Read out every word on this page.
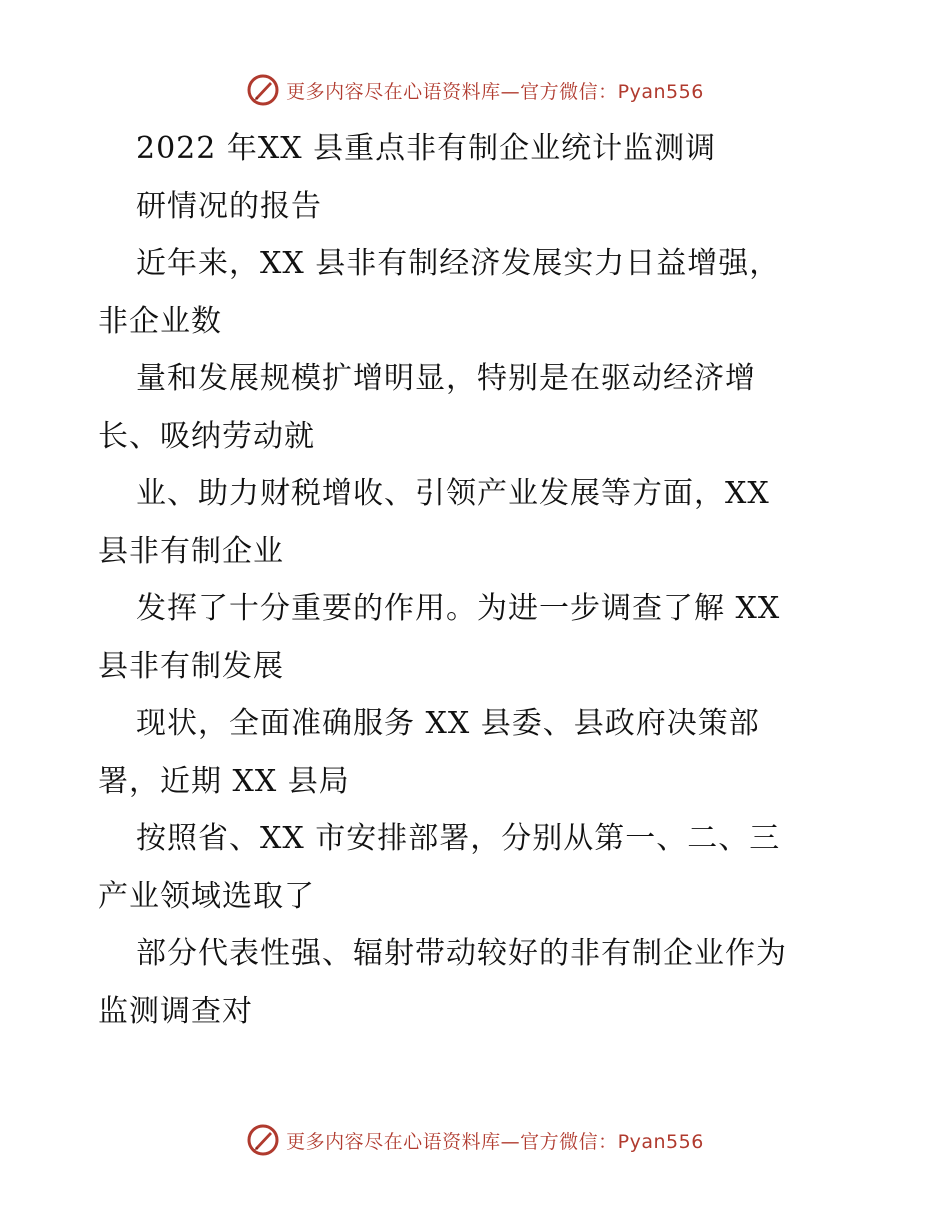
更多内容尽在心语资料库—官方微信：Pyan556
2022 年XX 县重点非有制企业统计监测调
研情况的报告
近年来，XX 县非有制经济发展实力日益增强，
非企业数
量和发展规模扩增明显，特别是在驱动经济增
长、吸纳劳动就
业、助力财税增收、引领产业发展等方面，XX
县非有制企业
发挥了十分重要的作用。为进一步调查了解 XX
县非有制发展
现状，全面准确服务 XX 县委、县政府决策部
署，近期 XX 县局
按照省、XX 市安排部署，分别从第一、二、三
产业领域选取了
部分代表性强、辐射带动较好的非有制企业作为
监测调查对
更多内容尽在心语资料库—官方微信：Pyan556
